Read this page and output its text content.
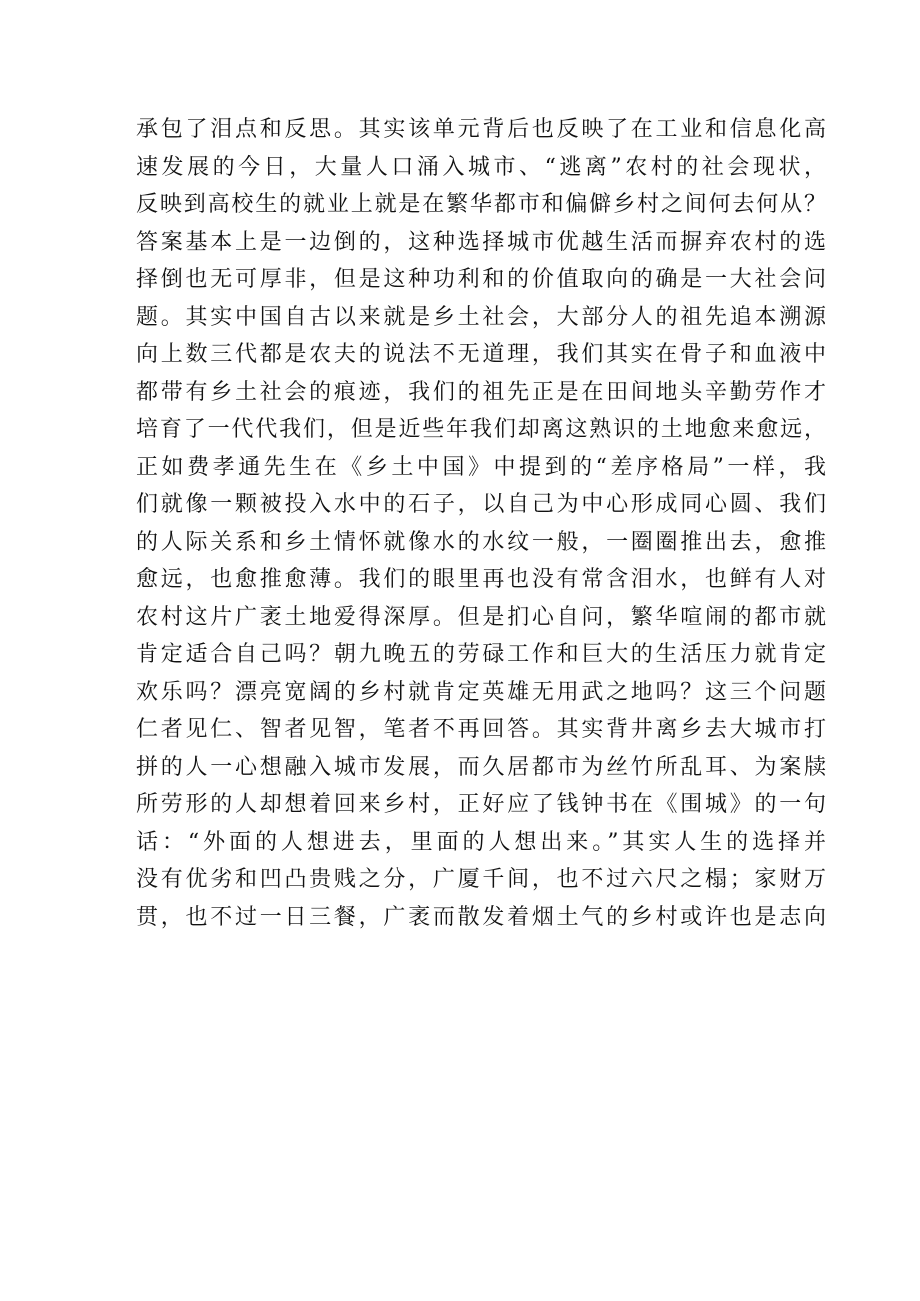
承包了泪点和反思。其实该单元背后也反映了在工业和信息化高
速发展的今日，大量人口涌入城市、“逃离”农村的社会现状，
反映到高校生的就业上就是在繁华都市和偏僻乡村之间何去何从？
答案基本上是一边倒的，这种选择城市优越生活而摒弃农村的选
择倒也无可厚非，但是这种功利和的价值取向的确是一大社会问
题。其实中国自古以来就是乡土社会，大部分人的祖先追本溯源
向上数三代都是农夫的说法不无道理，我们其实在骨子和血液中
都带有乡土社会的痕迹，我们的祖先正是在田间地头辛勤劳作才
培育了一代代我们，但是近些年我们却离这熟识的土地愈来愈远，
正如费孝通先生在《乡土中国》中提到的“差序格局”一样，我
们就像一颗被投入水中的石子，以自己为中心形成同心圆、我们
的人际关系和乡土情怀就像水的水纹一般，一圈圈推出去，愈推
愈远，也愈推愈薄。我们的眼里再也没有常含泪水，也鲜有人对
农村这片广袤土地爱得深厚。但是扪心自问，繁华喧闹的都市就
肯定适合自己吗？朝九晚五的劳碌工作和巨大的生活压力就肯定
欢乐吗？漂亮宽阔的乡村就肯定英雄无用武之地吗？这三个问题
仁者见仁、智者见智，笔者不再回答。其实背井离乡去大城市打
拼的人一心想融入城市发展，而久居都市为丝竹所乱耳、为案牍
所劳形的人却想着回来乡村，正好应了钱钟书在《围城》的一句
话：“外面的人想进去，里面的人想出来。”其实人生的选择并
没有优劣和凹凸贵贱之分，广厦千间，也不过六尺之榻；家财万
贯，也不过一日三餐，广袤而散发着烟土气的乡村或许也是志向
